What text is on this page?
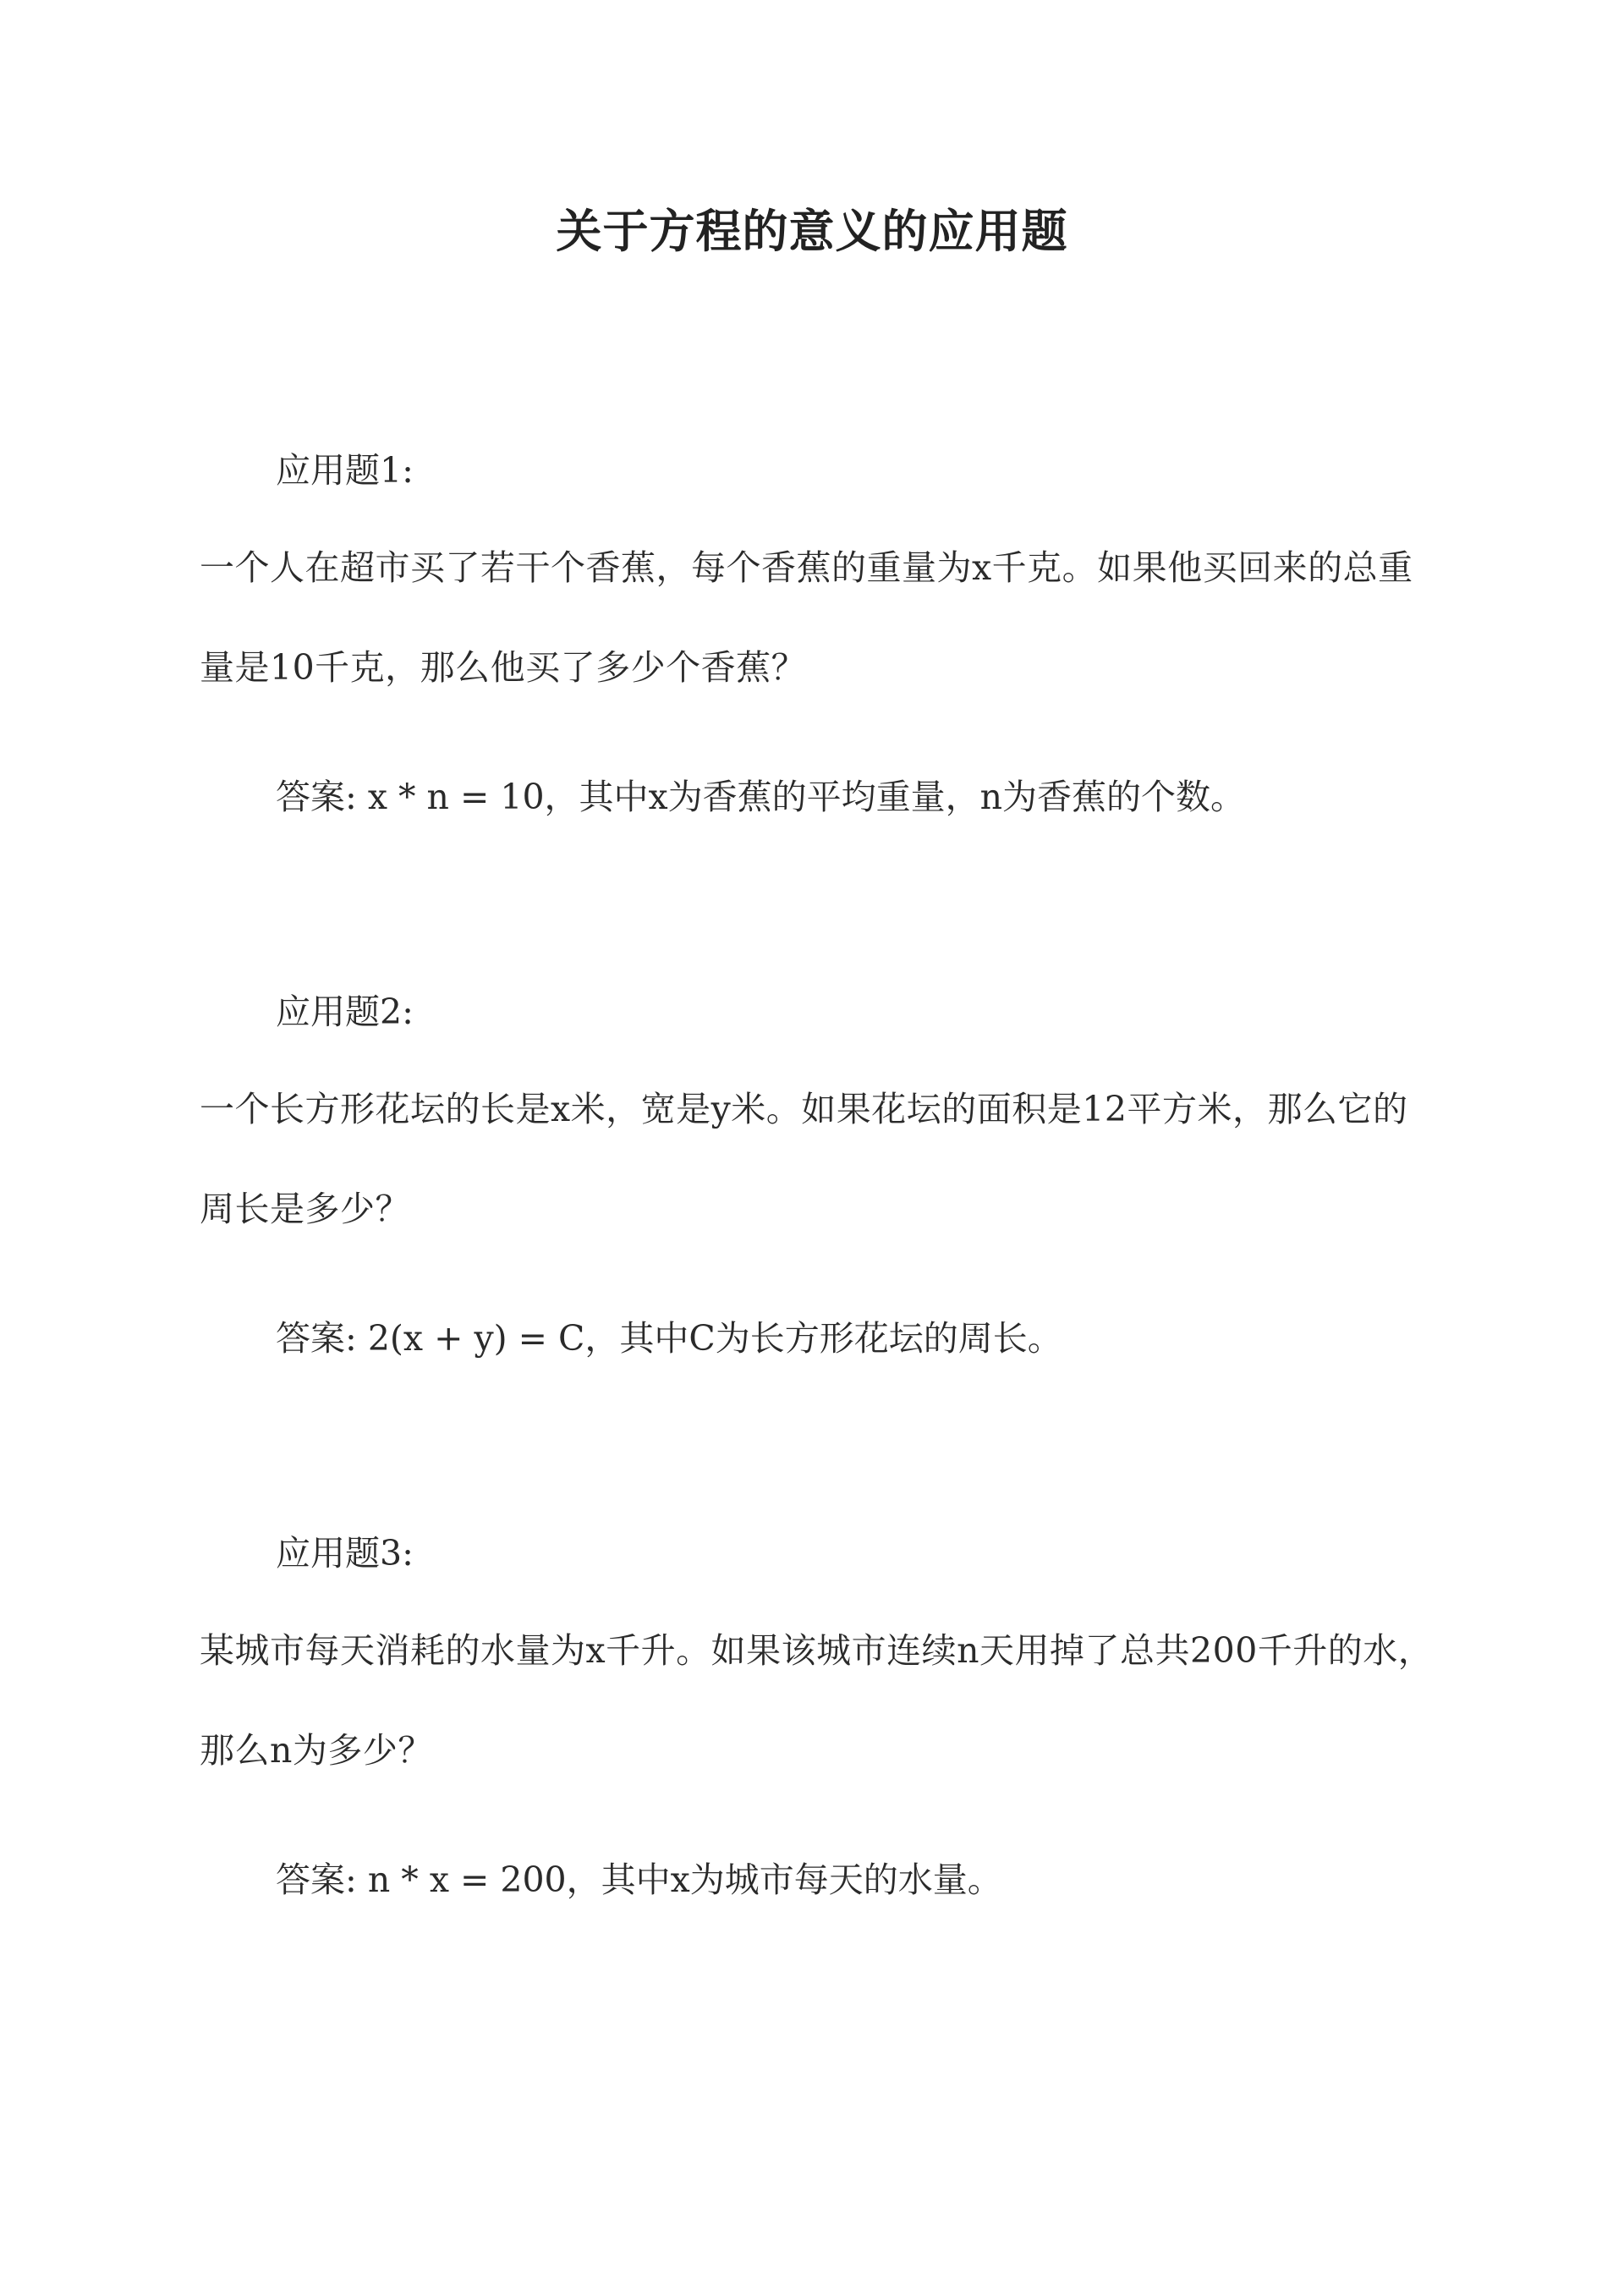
关于方程的意义的应用题
应用题1:
一个人在超市买了若干个香蕉，每个香蕉的重量为x千克。如果他买回来的总重量是10千克，那么他买了多少个香蕉？
答案: x * n = 10，其中x为香蕉的平均重量，n为香蕉的个数。
应用题2:
一个长方形花坛的长是x米，宽是y米。如果花坛的面积是12平方米，那么它的周长是多少？
答案: 2(x + y) = C，其中C为长方形花坛的周长。
应用题3:
某城市每天消耗的水量为x千升。如果该城市连续n天用掉了总共200千升的水，那么n为多少？
答案: n * x = 200，其中x为城市每天的水量。
